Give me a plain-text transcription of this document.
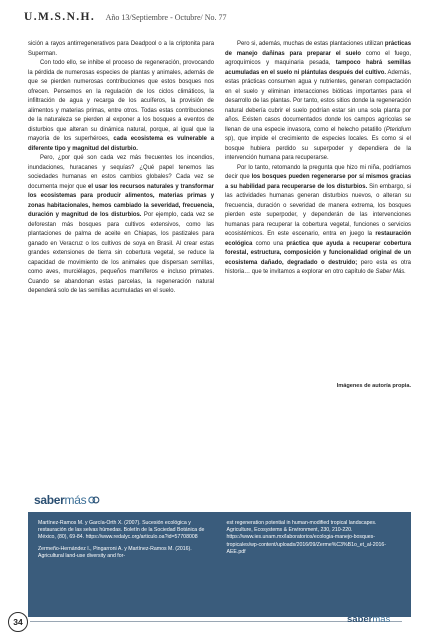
U.M.S.N.H. Año 13/Septiembre - Octubre/ No. 77

sición a rayos antirregenerativos para Deadpool o a la criptonita para Superman.

Con todo ello, se inhibe el proceso de regeneración, provocando la pérdida de numerosas especies de plantas y animales, además de que se pierden numerosas contribuciones que estos bosques nos ofrecen. Pensemos en la regulación de los ciclos climáticos, la infiltración de agua y recarga de los acuíferos, la provisión de alimentos y materias primas, entre otros. Todas estas contribuciones de la naturaleza se pierden al exponer a los bosques a eventos de disturbios que alteran su dinámica natural, porque, al igual que la mayoría de los superhéroes, cada ecosistema es vulnerable a diferente tipo y magnitud del disturbio.

Pero, ¿por qué son cada vez más frecuentes los incendios, inundaciones, huracanes y sequías? ¿Qué papel tenemos las sociedades humanas en estos cambios globales? Cada vez se documenta mejor que el usar los recursos naturales y transformar los ecosistemas para producir alimentos, materias primas y zonas habitacionales, hemos cambiado la severidad, frecuencia, duración y magnitud de los disturbios. Por ejemplo, cada vez se deforestan más bosques para cultivos extensivos, como las plantaciones de palma de aceite en Chiapas, los pastizales para ganado en Veracruz o los cultivos de soya en Brasil. Al crear estas grandes extensiones de tierra sin cobertura vegetal, se reduce la capacidad de movimiento de los animales que dispersan semillas, como aves, murciélagos, pequeños mamíferos e incluso primates. Cuando se abandonan estas parcelas, la regeneración natural dependerá solo de las semillas acumuladas en el suelo.

Pero si, además, muchas de estas plantaciones utilizan prácticas de manejo dañinas para preparar el suelo como el fuego, agroquímicos y maquinaria pesada, tampoco habrá semillas acumuladas en el suelo ni plántulas después del cultivo. Además, estas prácticas consumen agua y nutrientes, generan compactación en el suelo y eliminan interacciones bióticas importantes para el desarrollo de las plantas. Por tanto, estos sitios donde la regeneración natural debería cubrir el suelo podrían estar sin una sola planta por años. Existen casos documentados donde los campos agrícolas se llenan de una especie invasora, como el helecho petatillo (Pteridium sp), que impide el crecimiento de especies locales. Es como si el bosque hubiera perdido su superpoder y dependiera de la intervención humana para recuperarse.

Por lo tanto, retomando la pregunta que hizo mi niña, podríamos decir que los bosques pueden regenerarse por sí mismos gracias a su habilidad para recuperarse de los disturbios. Sin embargo, si las actividades humanas generan disturbios nuevos, o alteran su frecuencia, duración o severidad de manera extrema, los bosques pierden este superpoder, y dependerán de las intervenciones humanas para recuperar la cobertura vegetal, funciones o servicios ecosistémicos. En este escenario, entra en juego la restauración ecológica como una práctica que ayuda a recuperar cobertura forestal, estructura, composición y funcionalidad original de un ecosistema dañado, degradado o destruido; pero esta es otra historia… que te invitamos a explorar en otro capítulo de Saber Más.

Imágenes de autoría propia.
sabermás

Martínez-Ramos M. y García-Orth X. (2007). Sucesión ecológica y restauración de las selvas húmedas. Boletín de la Sociedad Botánica de México, (80), 69-84. https://www.redalyc.org/articulo.oa?id=57708008

Zermeño-Hernández I., Pingarroni A. y Martínez-Ramos M. (2016). Agricultural land-use diversity and for-

est regeneration potential in human-modified tropical landscapes. Agriculture, Ecosystems & Environment, 230, 210-220. https://www.ies.unam.mx/laboratorios/ecologia-manejo-bosques-tropicales/wp-content/uploads/2016/09/Zerme%C3%B1o_et_al-2016-AEE.pdf

34	sabermás
